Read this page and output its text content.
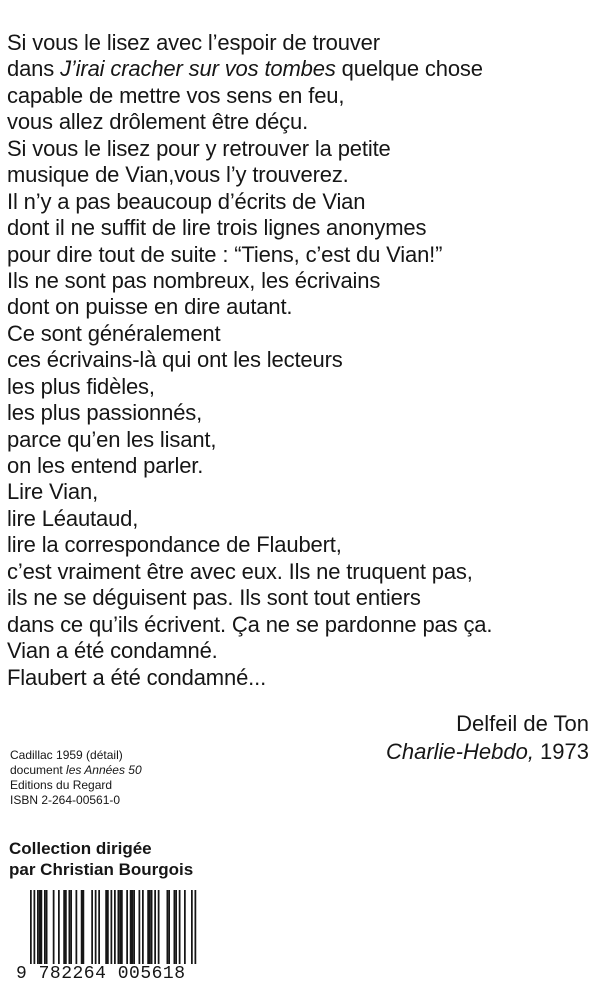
Si vous le lisez avec l’espoir de trouver
dans J’irai cracher sur vos tombes quelque chose
capable de mettre vos sens en feu,
vous allez drôlement être déçu.
Si vous le lisez pour y retrouver la petite
musique de Vian,vous l’y trouverez.
Il n’y a pas beaucoup d’écrits de Vian
dont il ne suffit de lire trois lignes anonymes
pour dire tout de suite : “Tiens, c’est du Vian!”
Ils ne sont pas nombreux, les écrivains
dont on puisse en dire autant.
Ce sont généralement
ces écrivains-là qui ont les lecteurs
les plus fidèles,
les plus passionnés,
parce qu’en les lisant,
on les entend parler.
Lire Vian,
lire Léautaud,
lire la correspondance de Flaubert,
c’est vraiment être avec eux. Ils ne truquent pas,
ils ne se déguisent pas. Ils sont tout entiers
dans ce qu’ils écrivent. Ça ne se pardonne pas ça.
Vian a été condamné.
Flaubert a été condamné...
Delfeil de Ton
Charlie-Hebdo, 1973
Cadillac 1959 (détail)
document les Années 50
Editions du Regard
ISBN 2-264-00561-0
Collection dirigée
par Christian Bourgois
9 782264 005618
